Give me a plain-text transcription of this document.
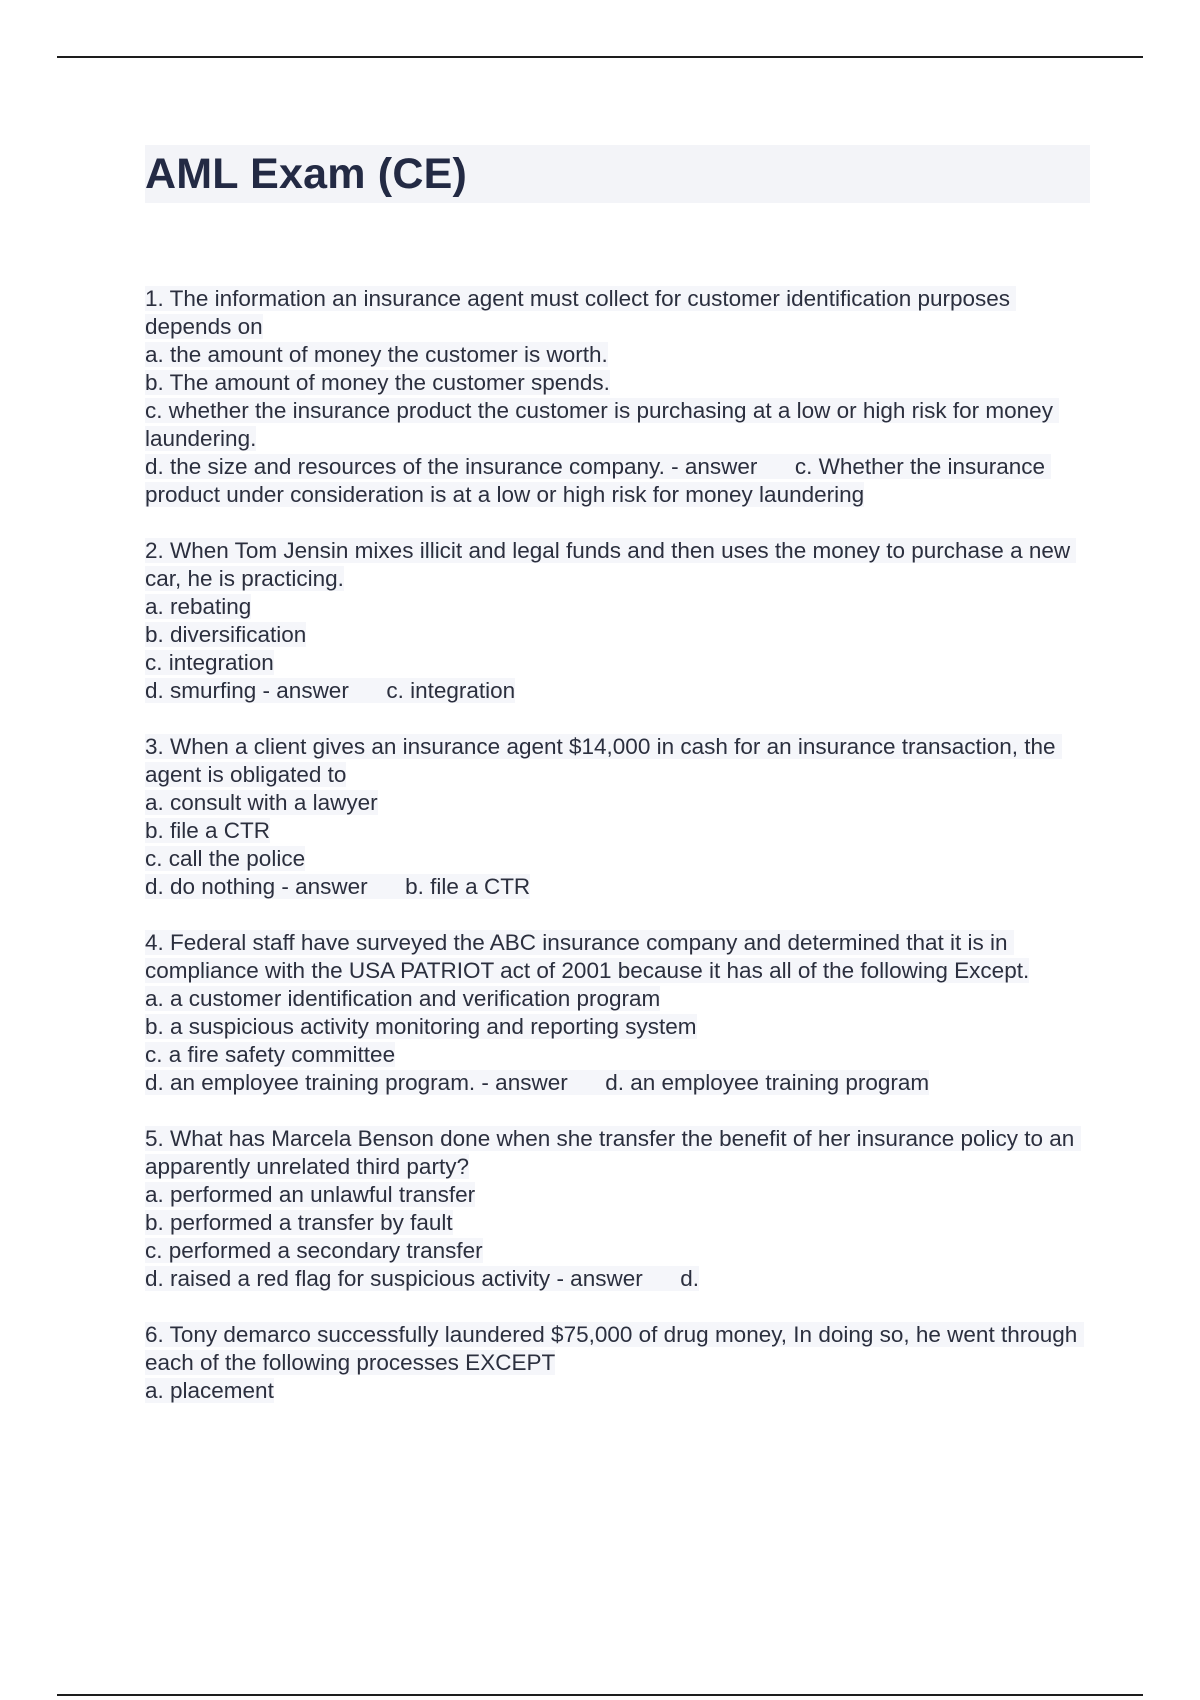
AML Exam (CE)
1. The information an insurance agent must collect for customer identification purposes depends on
a. the amount of money the customer is worth.
b. The amount of money the customer spends.
c. whether the insurance product the customer is purchasing at a low or high risk for money laundering.
d. the size and resources of the insurance company. - answer      c. Whether the insurance product under consideration is at a low or high risk for money laundering
2. When Tom Jensin mixes illicit and legal funds and then uses the money to purchase a new car, he is practicing.
a. rebating
b. diversification
c. integration
d. smurfing - answer      c. integration
3. When a client gives an insurance agent $14,000 in cash for an insurance transaction, the agent is obligated to
a. consult with a lawyer
b. file a CTR
c. call the police
d. do nothing - answer      b. file a CTR
4. Federal staff have surveyed the ABC insurance company and determined that it is in compliance with the USA PATRIOT act of 2001 because it has all of the following Except.
a. a customer identification and verification program
b. a suspicious activity monitoring and reporting system
c. a fire safety committee
d. an employee training program. - answer      d. an employee training program
5. What has Marcela Benson done when she transfer the benefit of her insurance policy to an apparently unrelated third party?
a. performed an unlawful transfer
b. performed a transfer by fault
c. performed a secondary transfer
d. raised a red flag for suspicious activity - answer      d.
6. Tony demarco successfully laundered $75,000 of drug money, In doing so, he went through each of the following processes EXCEPT
a. placement
